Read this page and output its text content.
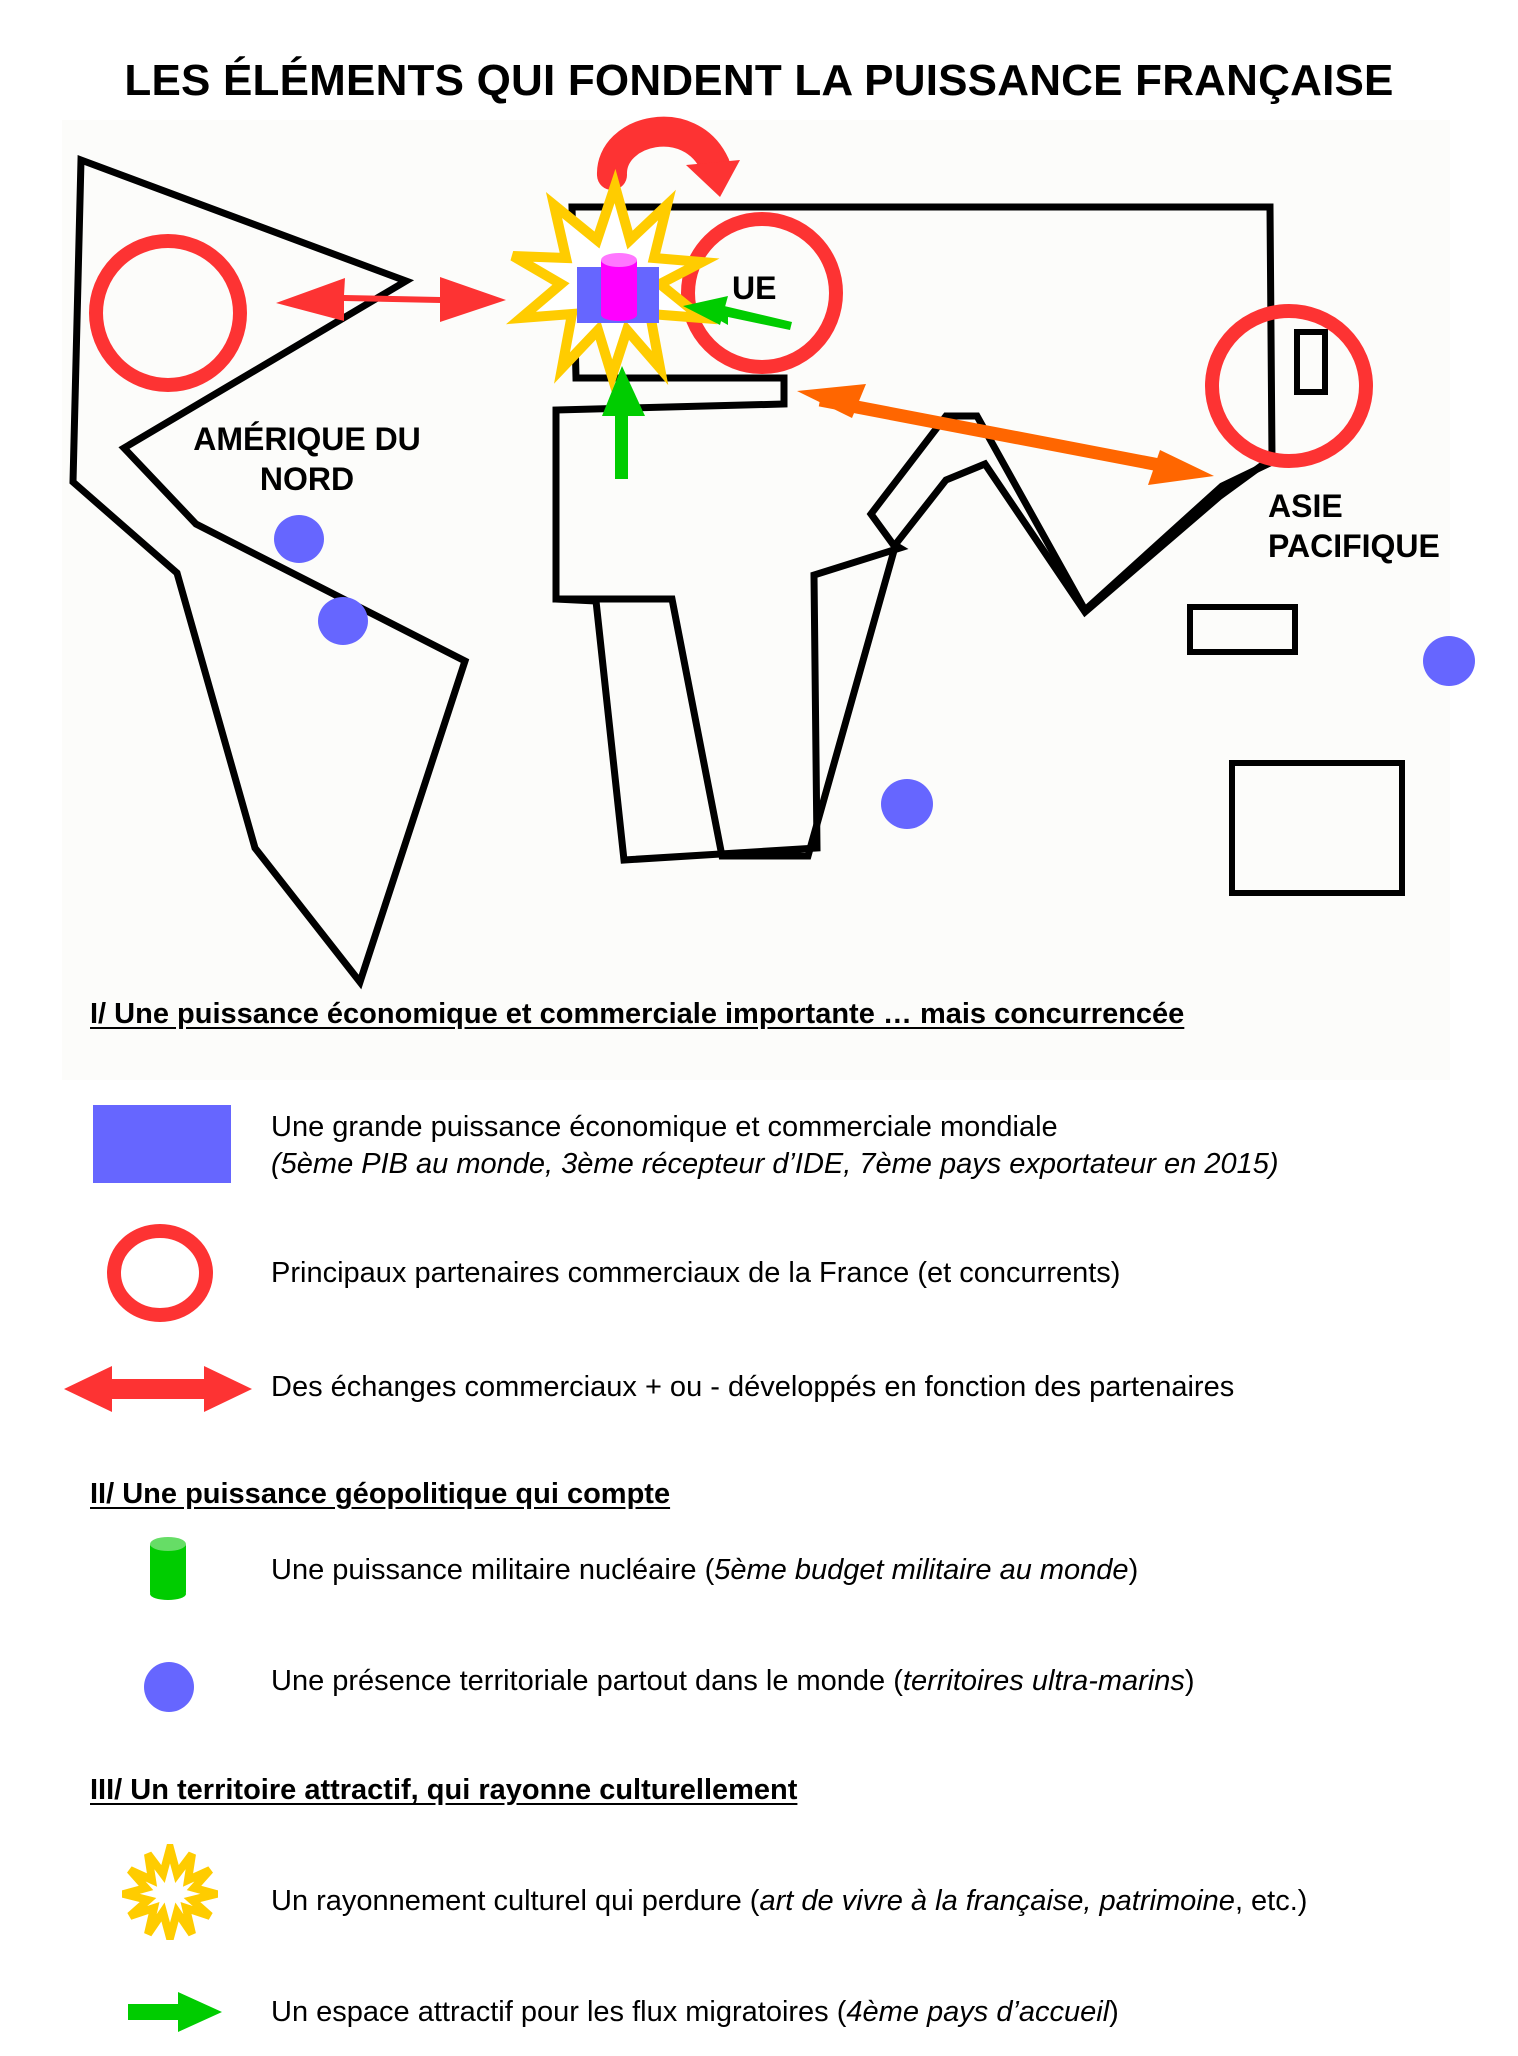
LES ÉLÉMENTS QUI FONDENT LA PUISSANCE FRANÇAISE
AMÉRIQUE DU
NORD
UE
ASIE
PACIFIQUE
I/ Une puissance économique et commerciale importante … mais concurrencée
Une grande puissance économique et commerciale mondiale
(5ème PIB au monde, 3ème récepteur d’IDE, 7ème pays exportateur en 2015)
Principaux partenaires commerciaux de la France (et concurrents)
Des échanges commerciaux + ou - développés en fonction des partenaires
II/ Une puissance géopolitique qui compte
Une puissance militaire nucléaire (5ème budget militaire au monde)
Une présence territoriale partout dans le monde (territoires ultra-marins)
III/ Un territoire attractif, qui rayonne culturellement
Un rayonnement culturel qui perdure (art de vivre à la française, patrimoine, etc.)
Un espace attractif pour les flux migratoires (4ème pays d’accueil)
